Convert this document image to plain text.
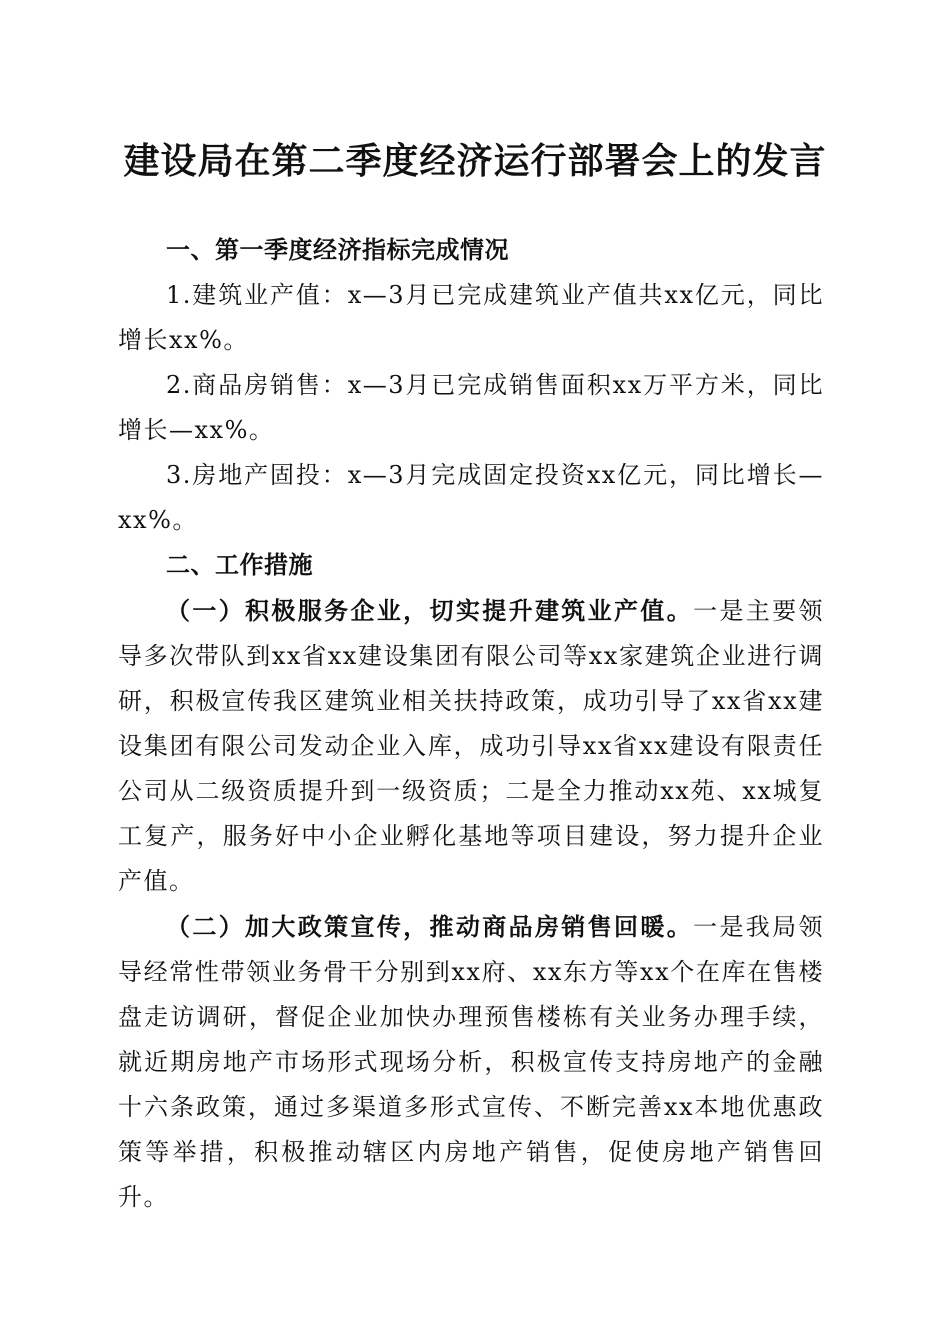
建设局在第二季度经济运行部署会上的发言

一、第一季度经济指标完成情况

1.建筑业产值：x—3月已完成建筑业产值共xx亿元，同比增长xx%。

2.商品房销售：x—3月已完成销售面积xx万平方米，同比增长—xx%。

3.房地产固投：x—3月完成固定投资xx亿元，同比增长—xx%。

二、工作措施

（一）积极服务企业，切实提升建筑业产值。一是主要领导多次带队到xx省xx建设集团有限公司等xx家建筑企业进行调研，积极宣传我区建筑业相关扶持政策，成功引导了xx省xx建设集团有限公司发动企业入库，成功引导xx省xx建设有限责任公司从二级资质提升到一级资质；二是全力推动xx苑、xx城复工复产，服务好中小企业孵化基地等项目建设，努力提升企业产值。

（二）加大政策宣传，推动商品房销售回暖。一是我局领导经常性带领业务骨干分别到xx府、xx东方等xx个在库在售楼盘走访调研，督促企业加快办理预售楼栋有关业务办理手续，就近期房地产市场形式现场分析，积极宣传支持房地产的金融十六条政策，通过多渠道多形式宣传、不断完善xx本地优惠政策等举措，积极推动辖区内房地产销售，促使房地产销售回升。
